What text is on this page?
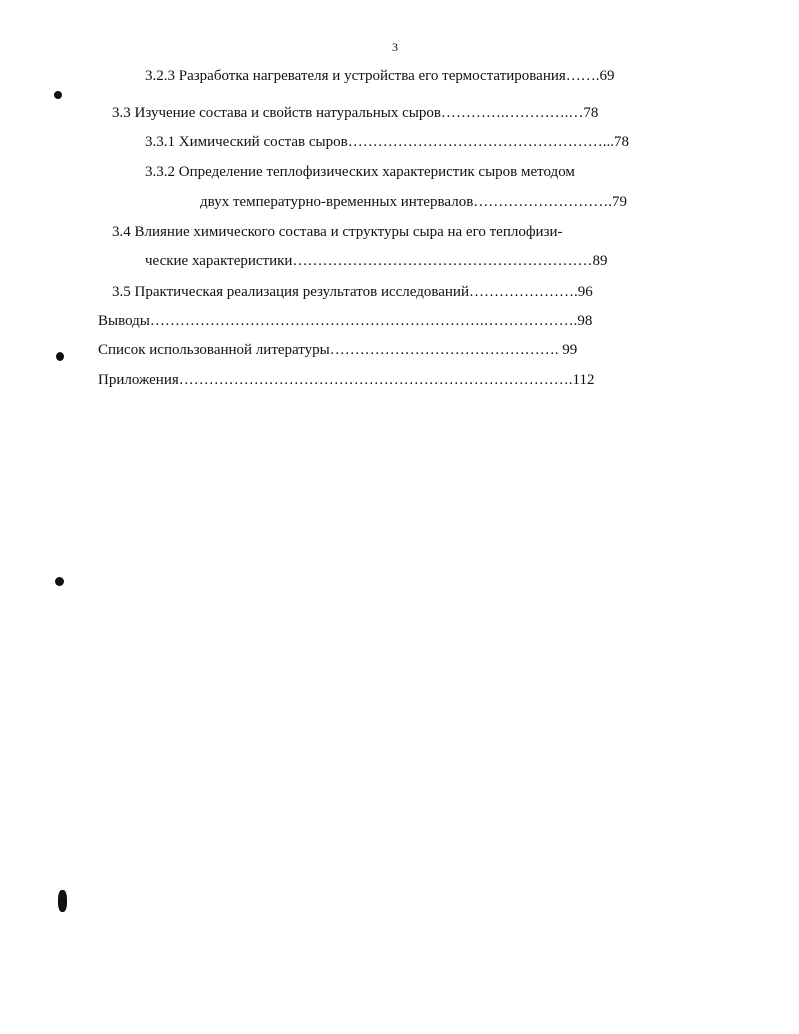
3
3.2.3 Разработка нагревателя и устройства его термостатирования…….69
3.3 Изучение состава и свойств натуральных сыров………….………….…78
3.3.1 Химический состав сыров……………………………………………...78
3.3.2 Определение теплофизических характеристик сыров методом
двух температурно-временных интервалов……………………….79
3.4 Влияние химического состава и структуры сыра на его теплофизи-
ческие характеристики……………………………………………………89
3.5 Практическая реализация результатов исследований………………….96
Выводы………………………………………………………….……………….98
Список использованной литературы………………………………………. 99
Приложения…………………………………………………………………….112
